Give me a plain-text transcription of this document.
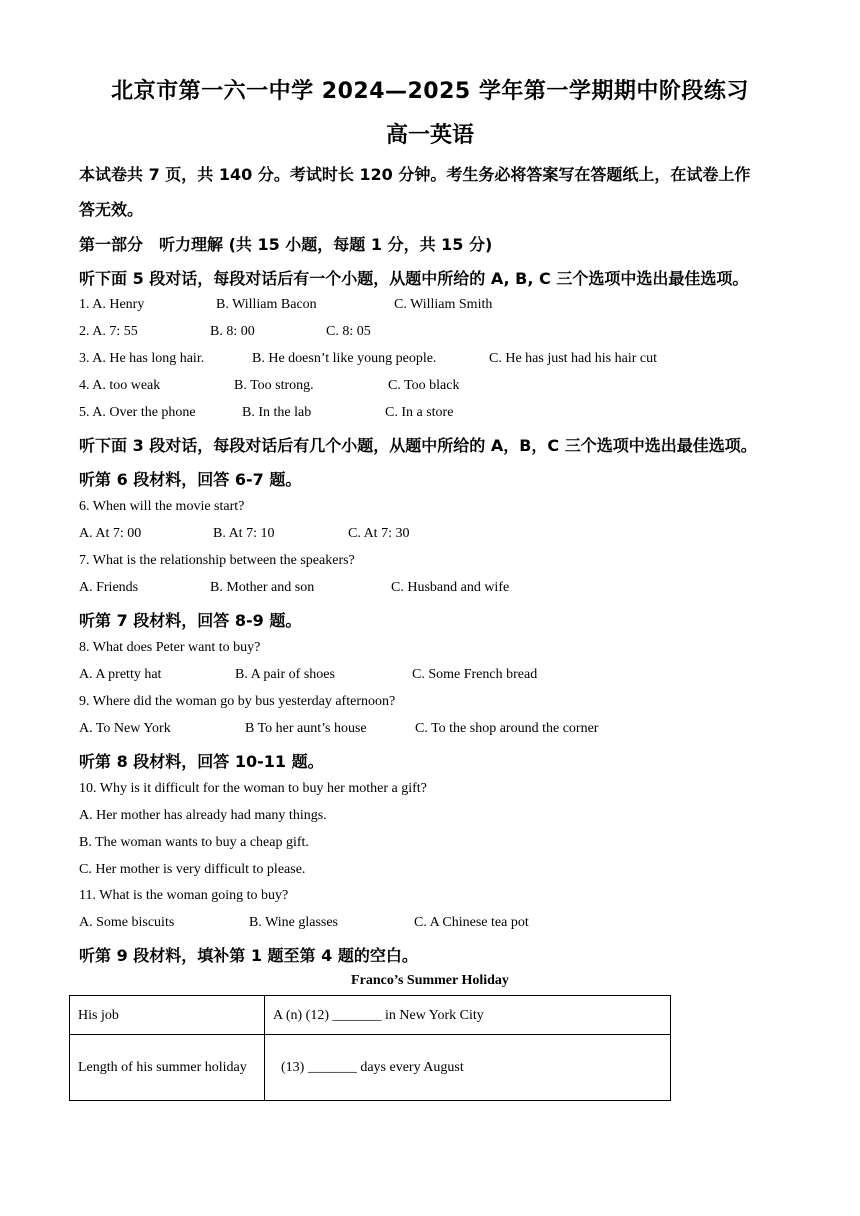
北京市第一六一中学 2024—2025 学年第一学期期中阶段练习
高一英语
本试卷共 7 页，共 140 分。考试时长 120 分钟。考生务必将答案写在答题纸上，在试卷上作
答无效。
第一部分　听力理解 (共 15 小题，每题 1 分，共 15 分)
听下面 5 段对话，每段对话后有一个小题，从题中所给的 A, B, C 三个选项中选出最佳选项。
1. A. Henry	B. William Bacon	C. William Smith
2. A. 7: 55	B. 8: 00	C. 8: 05
3. A. He has long hair.	B. He doesn’t like young people.	C. He has just had his hair cut
4. A. too weak	B. Too strong.	C. Too black
5. A. Over the phone	B. In the lab	C. In a store
听下面 3 段对话，每段对话后有几个小题，从题中所给的 A，B，C 三个选项中选出最佳选项。
听第 6 段材料，回答 6-7 题。
6. When will the movie start?
A. At 7: 00	B. At 7: 10	C. At 7: 30
7. What is the relationship between the speakers?
A. Friends	B. Mother and son	C. Husband and wife
听第 7 段材料，回答 8-9 题。
8. What does Peter want to buy?
A. A pretty hat	B. A pair of shoes	C. Some French bread
9. Where did the woman go by bus yesterday afternoon?
A. To New York	B To her aunt’s house	C. To the shop around the corner
听第 8 段材料，回答 10-11 题。
10. Why is it difficult for the woman to buy her mother a gift?
A. Her mother has already had many things.
B. The woman wants to buy a cheap gift.
C. Her mother is very difficult to please.
11. What is the woman going to buy?
A. Some biscuits	B. Wine glasses	C. A Chinese tea pot
听第 9 段材料，填补第 1 题至第 4 题的空白。
Franco’s Summer Holiday
His job	A (n) (12) _______ in New York City
Length of his summer holiday	(13) _______ days every August
